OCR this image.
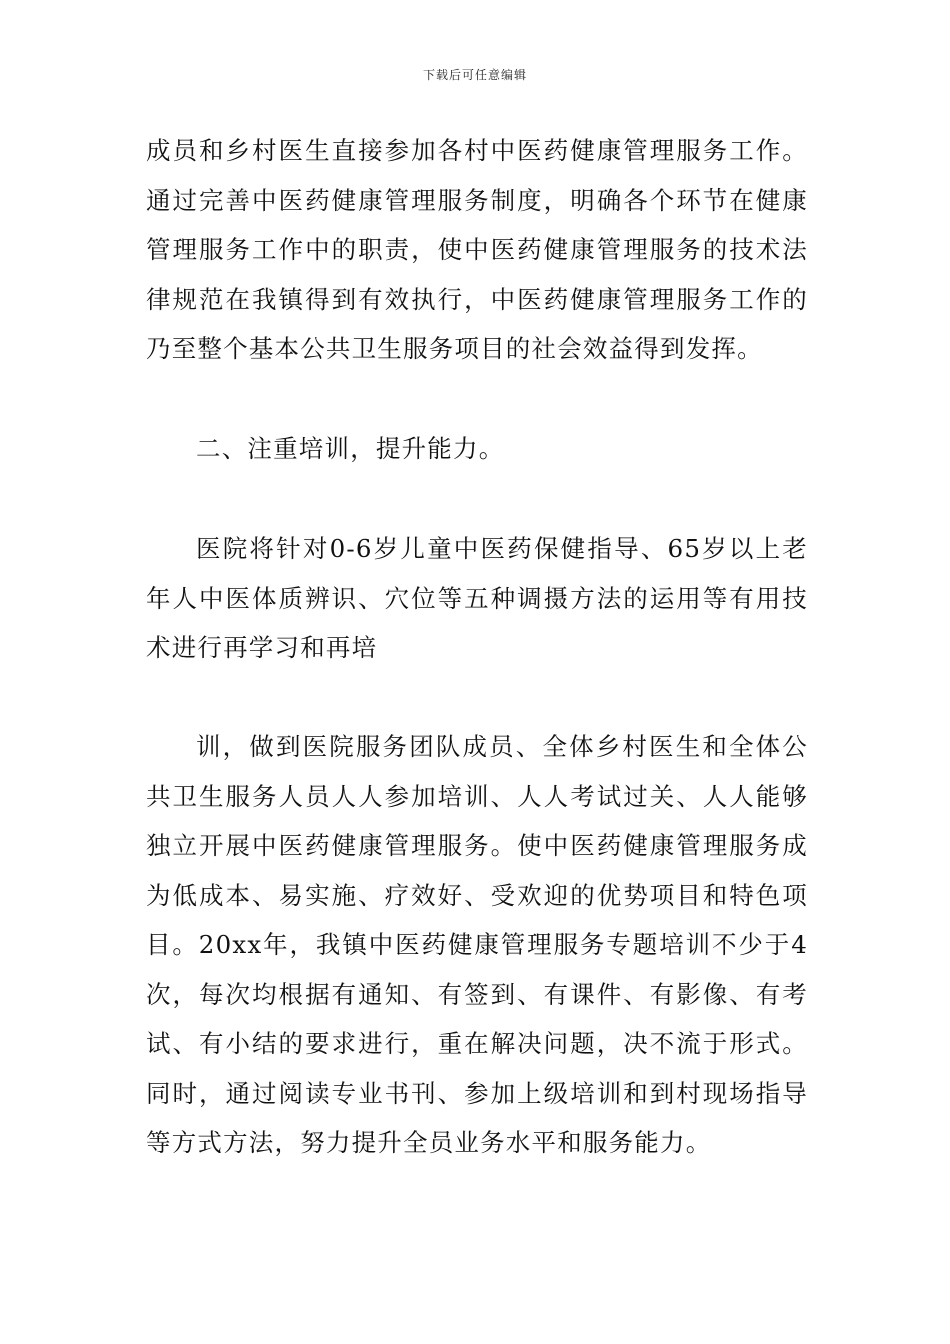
下载后可任意编辑

成员和乡村医生直接参加各村中医药健康管理服务工作。通过完善中医药健康管理服务制度，明确各个环节在健康管理服务工作中的职责，使中医药健康管理服务的技术法律规范在我镇得到有效执行，中医药健康管理服务工作的乃至整个基本公共卫生服务项目的社会效益得到发挥。

二、注重培训，提升能力。

医院将针对0-6岁儿童中医药保健指导、65岁以上老年人中医体质辨识、穴位等五种调摄方法的运用等有用技术进行再学习和再培

训，做到医院服务团队成员、全体乡村医生和全体公共卫生服务人员人人参加培训、人人考试过关、人人能够独立开展中医药健康管理服务。使中医药健康管理服务成为低成本、易实施、疗效好、受欢迎的优势项目和特色项目。20xx年，我镇中医药健康管理服务专题培训不少于4次，每次均根据有通知、有签到、有课件、有影像、有考试、有小结的要求进行，重在解决问题，决不流于形式。同时，通过阅读专业书刊、参加上级培训和到村现场指导等方式方法，努力提升全员业务水平和服务能力。
